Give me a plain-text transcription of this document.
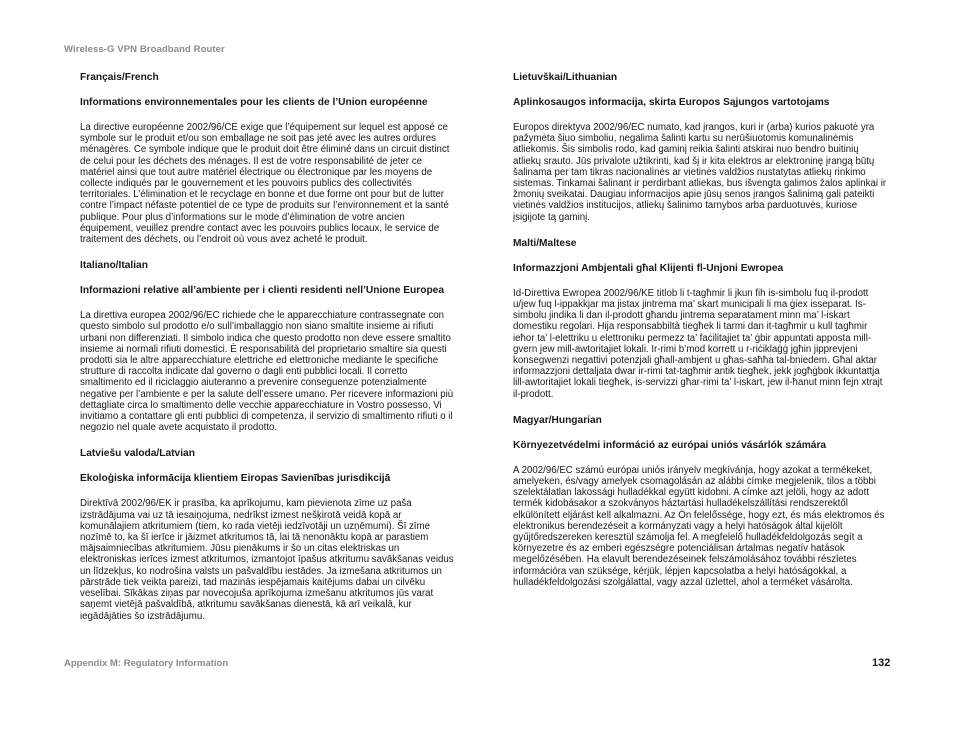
Wireless-G VPN Broadband Router

Français/French

Informations environnementales pour les clients de l’Union européenne

La directive européenne 2002/96/CE exige que l’équipement sur lequel est apposé ce symbole sur le produit et/ou son emballage ne soit pas jeté avec les autres ordures ménagères. Ce symbole indique que le produit doit être éliminé dans un circuit distinct de celui pour les déchets des ménages. Il est de votre responsabilité de jeter ce matériel ainsi que tout autre matériel électrique ou électronique par les moyens de collecte indiqués par le gouvernement et les pouvoirs publics des collectivités territoriales. L’élimination et le recyclage en bonne et due forme ont pour but de lutter contre l’impact néfaste potentiel de ce type de produits sur l’environnement et la santé publique. Pour plus d’informations sur le mode d’élimination de votre ancien équipement, veuillez prendre contact avec les pouvoirs publics locaux, le service de traitement des déchets, ou l’endroit où vous avez acheté le produit.

Italiano/Italian

Informazioni relative all’ambiente per i clienti residenti nell’Unione Europea

La direttiva europea 2002/96/EC richiede che le apparecchiature contrassegnate con questo simbolo sul prodotto e/o sull’imballaggio non siano smaltite insieme ai rifiuti urbani non differenziati. Il simbolo indica che questo prodotto non deve essere smaltito insieme ai normali rifiuti domestici. È responsabilità del proprietario smaltire sia questi prodotti sia le altre apparecchiature elettriche ed elettroniche mediante le specifiche strutture di raccolta indicate dal governo o dagli enti pubblici locali. Il corretto smaltimento ed il riciclaggio aiuteranno a prevenire conseguenze potenzialmente negative per l’ambiente e per la salute dell’essere umano. Per ricevere informazioni più dettagliate circa lo smaltimento delle vecchie apparecchiature in Vostro possesso, Vi invitiamo a contattare gli enti pubblici di competenza, il servizio di smaltimento rifiuti o il negozio nel quale avete acquistato il prodotto.

Latviešu valoda/Latvian

Ekoloģiska informācija klientiem Eiropas Savienības jurisdikcijā

Direktīvā 2002/96/EK ir prasība, ka aprīkojumu, kam pievienota zīme uz paša izstrādājuma vai uz tā iesaiņojuma, nedrīkst izmest nešķirotā veidā kopā ar komunālajiem atkritumiem (tiem, ko rada vietēji iedzīvotāji un uzņēmumi). Šī zīme nozīmē to, ka šī ierīce ir jāizmet atkritumos tā, lai tā nenonāktu kopā ar parastiem mājsaimniecības atkritumiem. Jūsu pienākums ir šo un citas elektriskas un elektroniskas ierīces izmest atkritumos, izmantojot īpašus atkritumu savākšanas veidus un līdzekļus, ko nodrošina valsts un pašvaldību iestādes. Ja izmešana atkritumos un pārstrāde tiek veikta pareizi, tad mazinās iespējamais kaitējums dabai un cilvēku veselībai. Sīkākas ziņas par novecojuša aprīkojuma izmešanu atkritumos jūs varat saņemt vietējā pašvaldībā, atkritumu savākšanas dienestā, kā arī veikalā, kur iegādājāties šo izstrādājumu.

Lietuvškai/Lithuanian

Aplinkosaugos informacija, skirta Europos Sąjungos vartotojams

Europos direktyva 2002/96/EC numato, kad įrangos, kuri ir (arba) kurios pakuotė yra pažymėta šiuo simboliu, negalima šalinti kartu su nerūšiuotomis komunalinėmis atliekomis. Šis simbolis rodo, kad gaminį reikia šalinti atskirai nuo bendro buitinių atliekų srauto. Jūs privalote užtikrinti, kad šį ir kita elektros ar elektroninę įrangą būtų šalinama per tam tikras nacionalinės ar vietinės valdžios nustatytas atliekų rinkimo sistemas. Tinkamai šalinant ir perdirbant atliekas, bus išvengta galimos žalos aplinkai ir žmonių sveikatai. Daugiau informacijos apie jūsų senos įrangos šalinimą gali pateikti vietinės valdžios institucijos, atliekų šalinimo tarnybos arba parduotuvės, kuriose įsigijote tą gaminį.

Malti/Maltese

Informazzjoni Ambjentali għal Klijenti fl-Unjoni Ewropea

Id-Direttiva Ewropea 2002/96/KE titlob li t-tagħmir li jkun fih is-simbolu fuq il-prodott u/jew fuq l-ippakkjar ma jistax jintrema ma’ skart municipali li ma ġiex isseparat. Is-simbolu jindika li dan il-prodott għandu jintrema separatament minn ma’ l-iskart domestiku regolari. Hija responsabbiltà tiegħek li tarmi dan it-tagħmir u kull tagħmir ieħor ta’ l-elettriku u elettroniku permezz ta’ faċilitajiet ta’ ġbir appuntati apposta mill-gvern jew mill-awtoritajiet lokali. Ir-rimi b’mod korrett u r-riċiklaġġ jgħin jipprevjeni konsegwenzi negattivi potenzjali għall-ambjent u għas-saħħa tal-bniedem. Għal aktar informazzjoni dettaljata dwar ir-rimi tat-tagħmir antik tiegħek, jekk jogħġbok ikkuntattja lill-awtoritajiet lokali tiegħek, is-servizzi għar-rimi ta’ l-iskart, jew il-ħanut minn fejn xtrajt il-prodott.

Magyar/Hungarian

Környezetvédelmi információ az európai uniós vásárlók számára

A 2002/96/EC számú európai uniós irányelv megkívánja, hogy azokat a termékeket, amelyeken, és/vagy amelyek csomagolásán az alábbi címke megjelenik, tilos a többi szelektálatlan lakossági hulladékkal együtt kidobni. A címke azt jelöli, hogy az adott termék kidobásakor a szokványos háztartási hulladékelszállítási rendszerektől elkülönített eljárást kell alkalmazni. Az Ön felelőssége, hogy ezt, és más elektromos és elektronikus berendezéseit a kormányzati vagy a helyi hatóságok által kijelölt gyűjtőredszereken keresztül számolja fel. A megfelelő hulladékfeldolgozás segít a környezetre és az emberi egészségre potenciálisan ártalmas negatív hatások megelőzésében. Ha elavult berendezéseinek felszámolásához további részletes információra van szüksége, kérjük, lépjen kapcsolatba a helyi hatóságokkal, a hulladékfeldolgozási szolgálattal, vagy azzal üzlettel, ahol a terméket vásárolta.

Appendix M: Regulatory Information	132
